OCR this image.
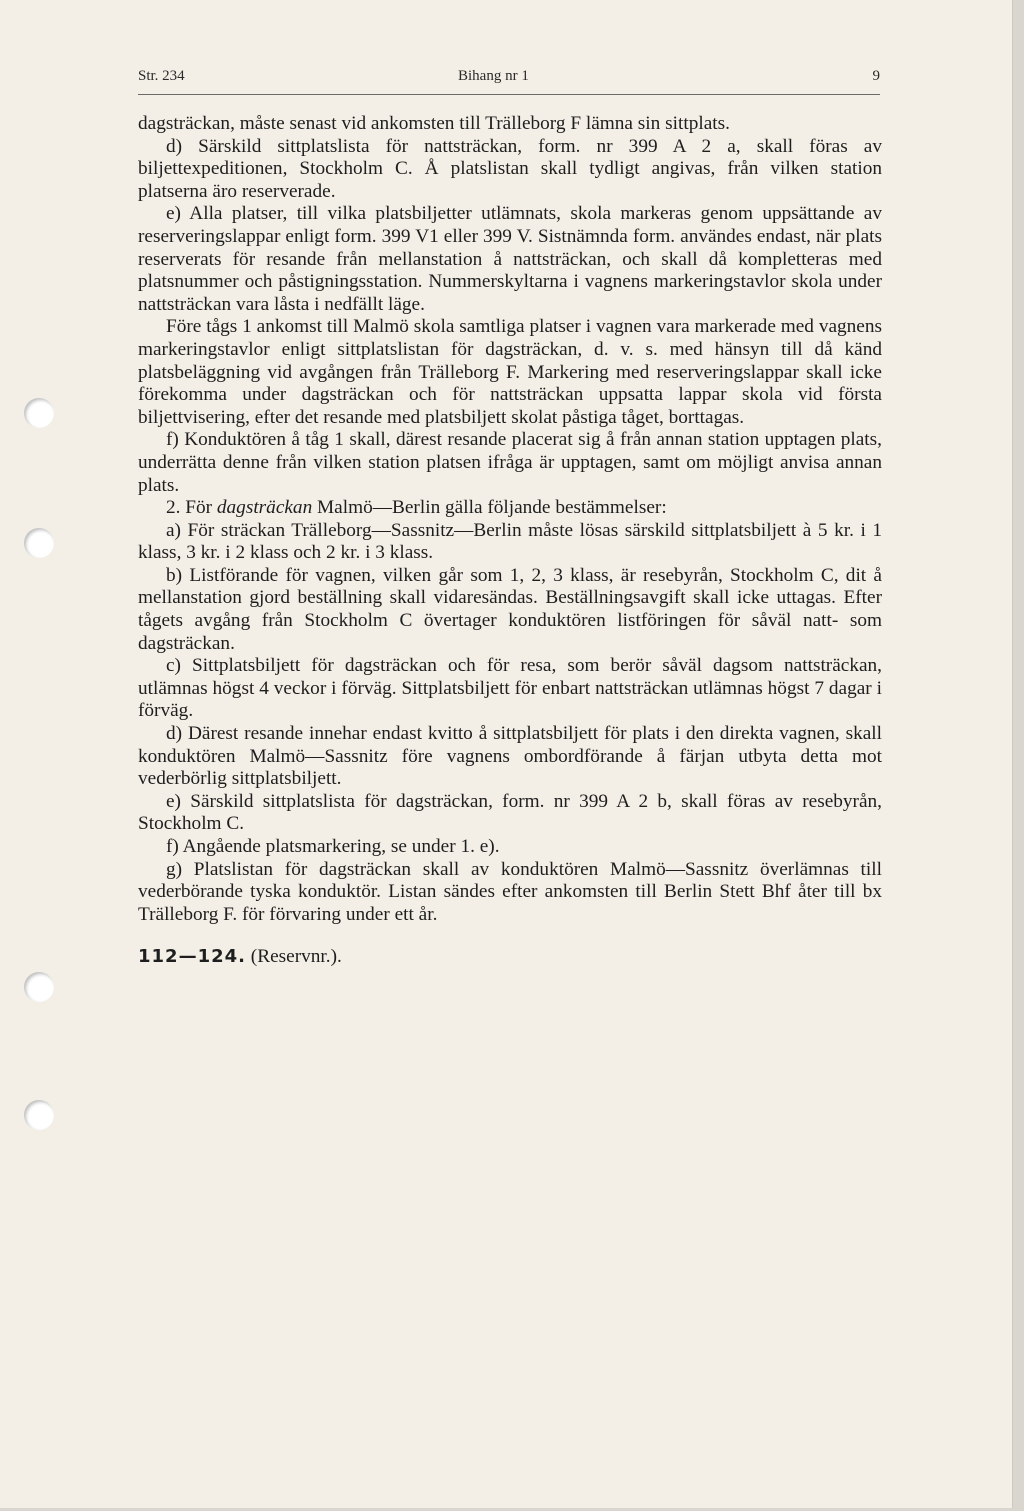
Str. 234	Bihang nr 1	9

dagsträckan, måste senast vid ankomsten till Trälleborg F lämna sin sittplats.

d) Särskild sittplatslista för nattsträckan, form. nr 399 A 2 a, skall föras av biljettexpeditionen, Stockholm C. Å platslistan skall tydligt angivas, från vilken station platserna äro reserverade.

e) Alla platser, till vilka platsbiljetter utlämnats, skola markeras genom uppsättande av reserveringslappar enligt form. 399 V1 eller 399 V. Sistnämnda form. användes endast, när plats reserverats för resande från mellanstation å nattsträckan, och skall då kompletteras med platsnummer och påstigningsstation. Nummerskyltarna i vagnens markeringstavlor skola under nattsträckan vara låsta i nedfällt läge.

Före tågs 1 ankomst till Malmö skola samtliga platser i vagnen vara markerade med vagnens markeringstavlor enligt sittplatslistan för dagsträckan, d. v. s. med hänsyn till då känd platsbeläggning vid avgången från Trälleborg F. Markering med reserveringslappar skall icke förekomma under dagsträckan och för nattsträckan uppsatta lappar skola vid första biljettvisering, efter det resande med platsbiljett skolat påstiga tåget, borttagas.

f) Konduktören å tåg 1 skall, därest resande placerat sig å från annan station upptagen plats, underrätta denne från vilken station platsen ifråga är upptagen, samt om möjligt anvisa annan plats.

2. För dagsträckan Malmö—Berlin gälla följande bestämmelser:

a) För sträckan Trälleborg—Sassnitz—Berlin måste lösas särskild sittplatsbiljett à 5 kr. i 1 klass, 3 kr. i 2 klass och 2 kr. i 3 klass.

b) Listförande för vagnen, vilken går som 1, 2, 3 klass, är resebyrån, Stockholm C, dit å mellanstation gjord beställning skall vidaresändas. Beställningsavgift skall icke uttagas. Efter tågets avgång från Stockholm C övertager konduktören listföringen för såväl natt- som dagsträckan.

c) Sittplatsbiljett för dagsträckan och för resa, som berör såväl dagsom nattsträckan, utlämnas högst 4 veckor i förväg. Sittplatsbiljett för enbart nattsträckan utlämnas högst 7 dagar i förväg.

d) Därest resande innehar endast kvitto å sittplatsbiljett för plats i den direkta vagnen, skall konduktören Malmö—Sassnitz före vagnens ombordförande å färjan utbyta detta mot vederbörlig sittplatsbiljett.

e) Särskild sittplatslista för dagsträckan, form. nr 399 A 2 b, skall föras av resebyrån, Stockholm C.

f) Angående platsmarkering, se under 1. e).

g) Platslistan för dagsträckan skall av konduktören Malmö—Sassnitz överlämnas till vederbörande tyska konduktör. Listan sändes efter ankomsten till Berlin Stett Bhf åter till bx Trälleborg F. för förvaring under ett år.

112—124. (Reservnr.).
